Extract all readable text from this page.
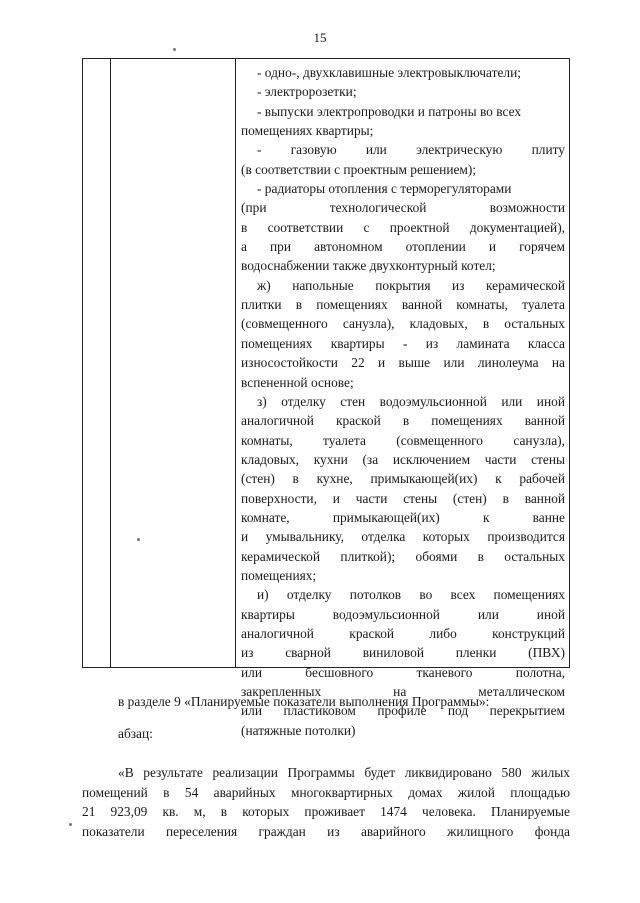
15

- одно-, двухклавишные электровыключатели;

- электророзетки;

- выпуски электропроводки и патроны во всех

помещениях квартиры;

- газовую или электрическую плиту

(в соответствии с проектным решением);

- радиаторы отопления с терморегуляторами

(при технологической возможности

в соответствии с проектной документацией),

а при автономном отоплении и горячем

водоснабжении также двухконтурный котел;

ж) напольные покрытия из керамической

плитки в помещениях ванной комнаты, туалета

(совмещенного санузла), кладовых, в остальных

помещениях квартиры - из ламината класса

износостойкости 22 и выше или линолеума на

вспененной основе;

з) отделку стен водоэмульсионной или иной

аналогичной краской в помещениях ванной

комнаты, туалета (совмещенного санузла),

кладовых, кухни (за исключением части стены

(стен) в кухне, примыкающей(их) к рабочей

поверхности, и части стены (стен) в ванной

комнате, примыкающей(их) к ванне

и умывальнику, отделка которых производится

керамической плиткой); обоями в остальных

помещениях;

и) отделку потолков во всех помещениях

квартиры водоэмульсионной или иной

аналогичной краской либо конструкций

из сварной виниловой пленки (ПВХ)

или бесшовного тканевого полотна,

закрепленных на металлическом

или пластиковом профиле под перекрытием

(натяжные потолки)

в разделе 9 «Планируемые показатели выполнения Программы»:

абзац:

«В результате реализации Программы будет ликвидировано 580 жилых

помещений в 54 аварийных многоквартирных домах жилой площадью

21 923,09 кв. м, в которых проживает 1474 человека. Планируемые

показатели переселения граждан из аварийного жилищного фонда
